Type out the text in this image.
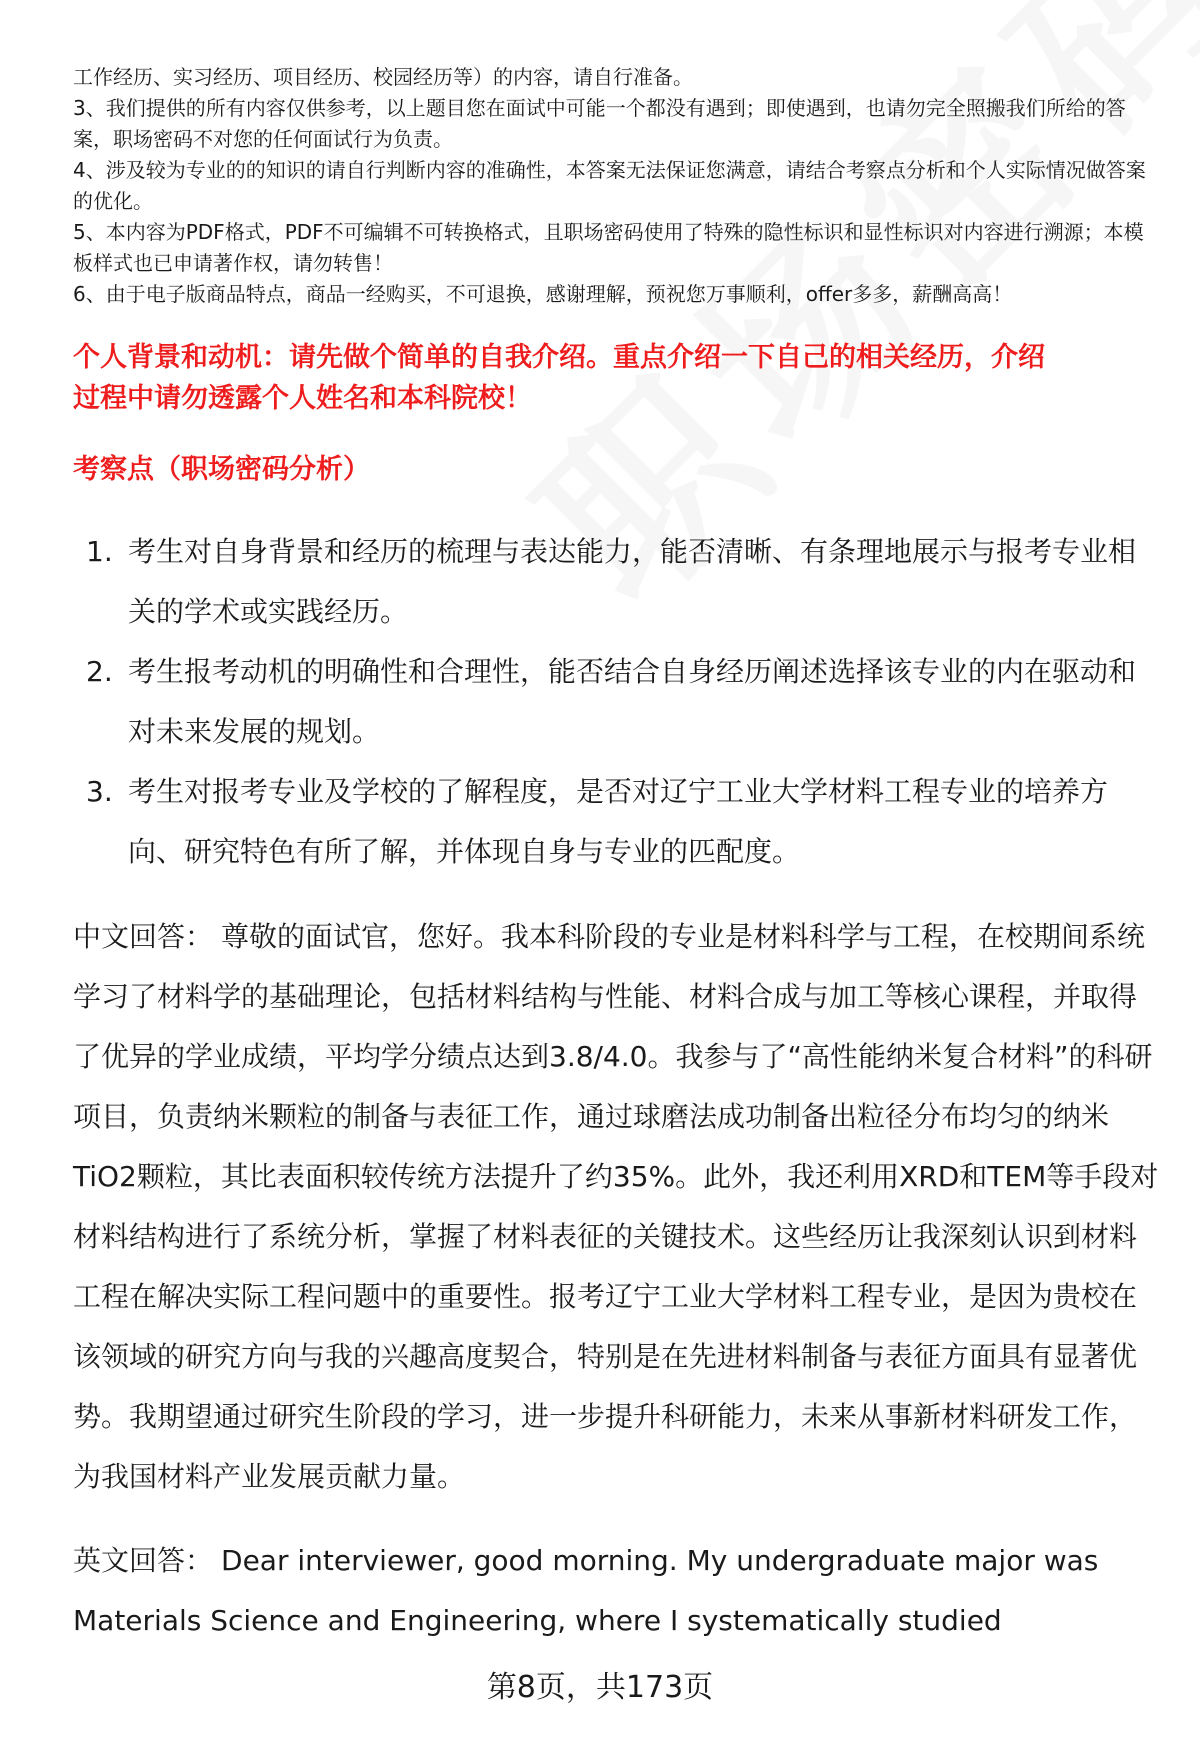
工作经历、实习经历、项目经历、校园经历等）的内容，请自行准备。

3、我们提供的所有内容仅供参考，以上题目您在面试中可能一个都没有遇到；即使遇到，也请勿完全照搬我们所给的答案，职场密码不对您的任何面试行为负责。

4、涉及较为专业的的知识的请自行判断内容的准确性，本答案无法保证您满意，请结合考察点分析和个人实际情况做答案的优化。

5、本内容为PDF格式，PDF不可编辑不可转换格式，且职场密码使用了特殊的隐性标识和显性标识对内容进行溯源；本模板样式也已申请著作权，请勿转售！

6、由于电子版商品特点，商品一经购买，不可退换，感谢理解，预祝您万事顺利，offer多多，薪酬高高！

个人背景和动机：请先做个简单的自我介绍。重点介绍一下自己的相关经历，介绍

过程中请勿透露个人姓名和本科院校！

考察点（职场密码分析）
1. 考生对自身背景和经历的梳理与表达能力，能否清晰、有条理地展示与报考专业相关的学术或实践经历。
2. 考生报考动机的明确性和合理性，能否结合自身经历阐述选择该专业的内在驱动和对未来发展的规划。
3. 考生对报考专业及学校的了解程度，是否对辽宁工业大学材料工程专业的培养方向、研究特色有所了解，并体现自身与专业的匹配度。

中文回答： 尊敬的面试官，您好。我本科阶段的专业是材料科学与工程，在校期间系统学习了材料学的基础理论，包括材料结构与性能、材料合成与加工等核心课程，并取得了优异的学业成绩，平均学分绩点达到3.8/4.0。我参与了“高性能纳米复合材料”的科研项目，负责纳米颗粒的制备与表征工作，通过球磨法成功制备出粒径分布均匀的纳米TiO2颗粒，其比表面积较传统方法提升了约35%。此外，我还利用XRD和TEM等手段对材料结构进行了系统分析，掌握了材料表征的关键技术。这些经历让我深刻认识到材料工程在解决实际工程问题中的重要性。报考辽宁工业大学材料工程专业，是因为贵校在该领域的研究方向与我的兴趣高度契合，特别是在先进材料制备与表征方面具有显著优势。我期望通过研究生阶段的学习，进一步提升科研能力，未来从事新材料研发工作，为我国材料产业发展贡献力量。

英文回答： Dear interviewer, good morning. My undergraduate major was Materials Science and Engineering, where I systematically studied

第8页，共173页
